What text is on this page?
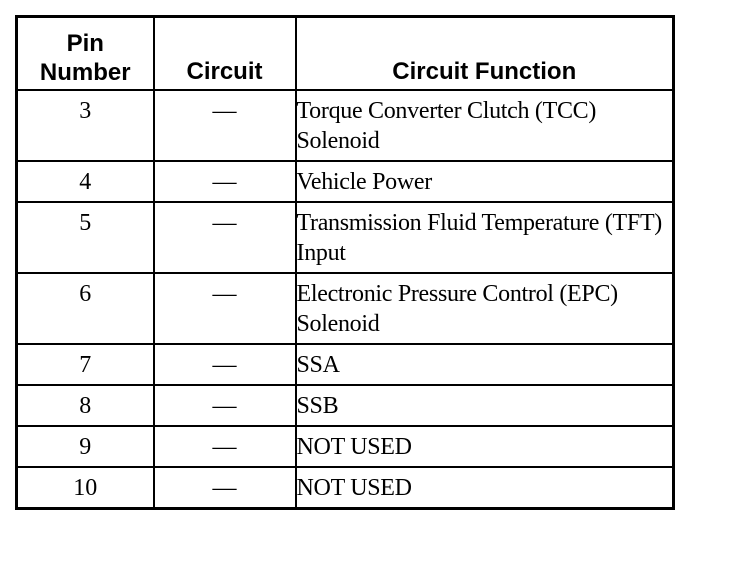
Pin
Number	Circuit	Circuit Function
3	—	Torque Converter Clutch (TCC) Solenoid
4	—	Vehicle Power
5	—	Transmission Fluid Temperature (TFT) Input
6	—	Electronic Pressure Control (EPC) Solenoid
7	—	SSA
8	—	SSB
9	—	NOT USED
10	—	NOT USED
